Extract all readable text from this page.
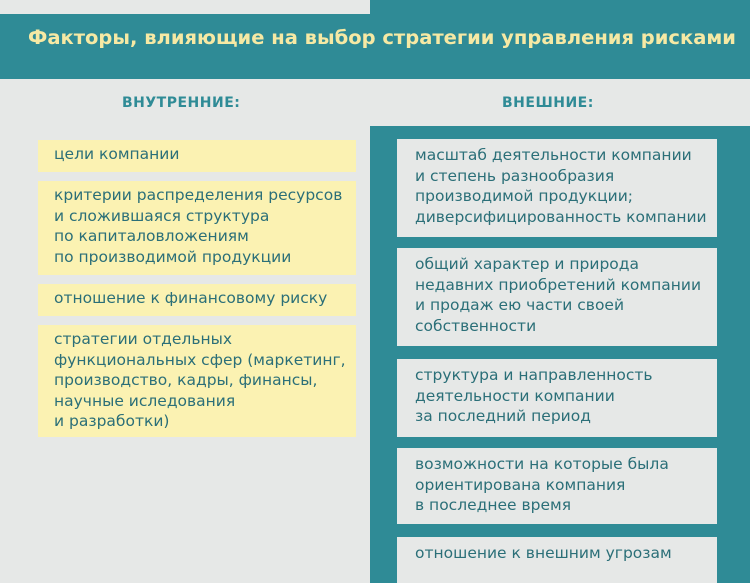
Факторы, влияющие на выбор стратегии управления рисками
ВНУТРЕННИЕ:	ВНЕШНИЕ:
цели компании
критерии распределения ресурсов
и сложившаяся структура
по капиталовложениям
по производимой продукции
отношение к финансовому риску
стратегии отдельных
функциональных сфер (маркетинг,
производство, кадры, финансы,
научные иследования
и разработки)
масштаб деятельности компании
и степень разнообразия
производимой продукции;
диверсифицированность компании
общий характер и природа
недавних приобретений компании
и продаж ею части своей
собственности
структура и направленность
деятельности компании
за последний период
возможности на которые была
ориентирована компания
в последнее время
отношение к внешним угрозам
